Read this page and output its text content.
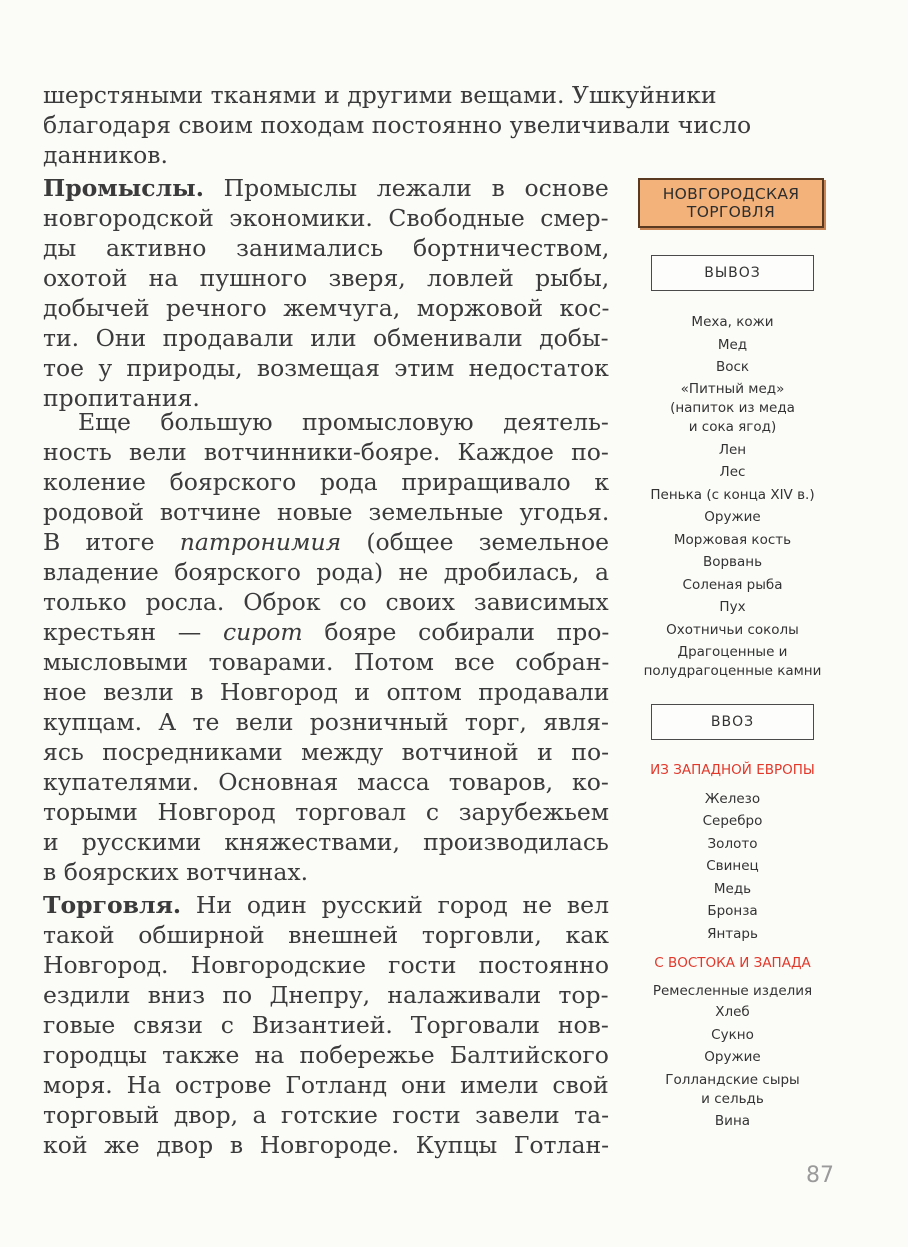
шерстяными тканями и другими вещами. Ушкуйники
благодаря своим походам постоянно увеличивали число
данников.
Промыслы. Промыслы лежали в основе
новгородской экономики. Свободные смер-
ды активно занимались бортничеством,
охотой на пушного зверя, ловлей рыбы,
добычей речного жемчуга, моржовой кос-
ти. Они продавали или обменивали добы-
тое у природы, возмещая этим недостаток
пропитания.
Еще большую промысловую деятель-
ность вели вотчинники-бояре. Каждое по-
коление боярского рода приращивало к
родовой вотчине новые земельные угодья.
В итоге патронимия (общее земельное
владение боярского рода) не дробилась, а
только росла. Оброк со своих зависимых
крестьян — сирот бояре собирали про-
мысловыми товарами. Потом все собран-
ное везли в Новгород и оптом продавали
купцам. А те вели розничный торг, явля-
ясь посредниками между вотчиной и по-
купателями. Основная масса товаров, ко-
торыми Новгород торговал с зарубежьем
и русскими княжествами, производилась
в боярских вотчинах.
Торговля. Ни один русский город не вел
такой обширной внешней торговли, как
Новгород. Новгородские гости постоянно
ездили вниз по Днепру, налаживали тор-
говые связи с Византией. Торговали нов-
городцы также на побережье Балтийского
моря. На острове Готланд они имели свой
торговый двор, а готские гости завели та-
кой же двор в Новгороде. Купцы Готлан-
НОВГОРОДСКАЯ
ТОРГОВЛЯ
ВЫВОЗ
Меха, кожи
Мед
Воск
«Питный мед»
(напиток из меда
и сока ягод)
Лен
Лес
Пенька (с конца XIV в.)
Оружие
Моржовая кость
Ворвань
Соленая рыба
Пух
Охотничьи соколы
Драгоценные и
полудрагоценные камни
ВВОЗ
ИЗ ЗАПАДНОЙ ЕВРОПЫ
Железо
Серебро
Золото
Свинец
Медь
Бронза
Янтарь
С ВОСТОКА И ЗАПАДА
Ремесленные изделия
Хлеб
Сукно
Оружие
Голландские сыры
и сельдь
Вина
87
